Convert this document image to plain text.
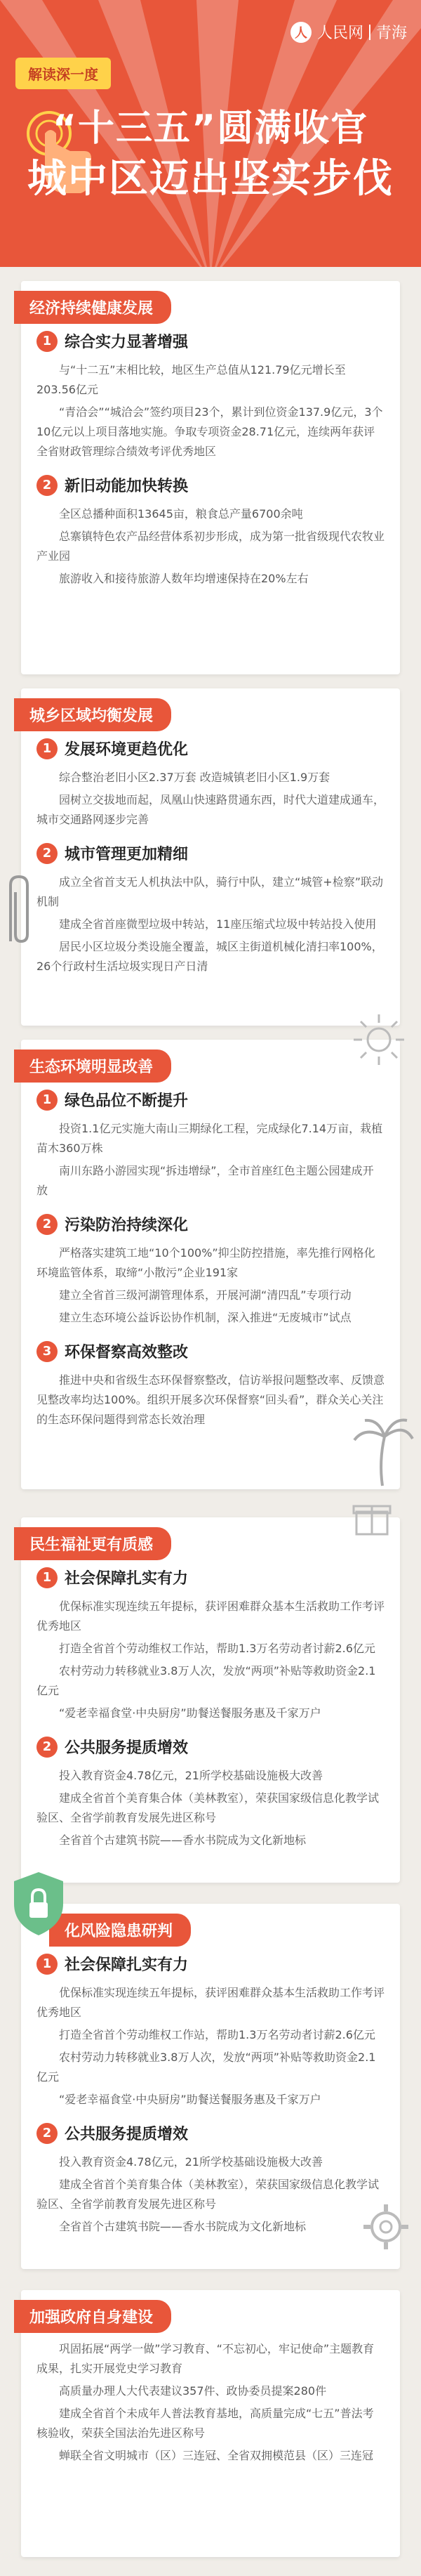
解读深一度
人 人民网 青海
“十三五”圆满收官
城中区迈出坚实步伐
经济持续健康发展
1 综合实力显著增强

与“十二五”末相比较，地区生产总值从121.79亿元增长至203.56亿元

“青洽会”“城洽会”签约项目23个，累计到位资金137.9亿元，3个10亿元以上项目落地实施。争取专项资金28.71亿元，连续两年获评全省财政管理综合绩效考评优秀地区

2 新旧动能加快转换

全区总播种面积13645亩，粮食总产量6700余吨

总寨镇特色农产品经营体系初步形成，成为第一批省级现代农牧业产业园

旅游收入和接待旅游人数年均增速保持在20%左右

城乡区域均衡发展
1 发展环境更趋优化

综合整治老旧小区2.37万套 改造城镇老旧小区1.9万套

园树立交拔地而起，凤凰山快速路贯通东西，时代大道建成通车，城市交通路网逐步完善

2 城市管理更加精细

成立全省首支无人机执法中队，骑行中队，建立“城管+检察”联动机制

建成全省首座微型垃圾中转站，11座压缩式垃圾中转站投入使用

居民小区垃圾分类设施全覆盖，城区主街道机械化清扫率100%，26个行政村生活垃圾实现日产日清

生态环境明显改善
1 绿色品位不断提升

投资1.1亿元实施大南山三期绿化工程，完成绿化7.14万亩，栽植苗木360万株

南川东路小游园实现“拆违增绿”，全市首座红色主题公园建成开放

2 污染防治持续深化

严格落实建筑工地“10个100%”抑尘防控措施，率先推行网格化环境监管体系，取缔“小散污”企业191家

建立全省首三级河湖管理体系，开展河湖“清四乱”专项行动

建立生态环境公益诉讼协作机制，深入推进“无废城市”试点

3 环保督察高效整改

推进中央和省级生态环保督察整改，信访举报问题整改率、反馈意见整改率均达100%。组织开展多次环保督察“回头看”，群众关心关注的生态环保问题得到常态长效治理

民生福祉更有质感
1 社会保障扎实有力

优保标准实现连续五年提标，获评困难群众基本生活救助工作考评优秀地区

打造全省首个劳动维权工作站，帮助1.3万名劳动者讨薪2.6亿元

农村劳动力转移就业3.8万人次，发放“两项”补贴等救助资金2.1亿元

“爱老幸福食堂·中央厨房”助餐送餐服务惠及千家万户

2 公共服务提质增效

投入教育资金4.78亿元，21所学校基础设施极大改善

建成全省首个美育集合体（美林教室），荣获国家级信息化教学试验区、全省学前教育发展先进区称号

全省首个古建筑书院——香水书院成为文化新地标

化风险隐患研判
1 社会保障扎实有力

优保标准实现连续五年提标，获评困难群众基本生活救助工作考评优秀地区

打造全省首个劳动维权工作站，帮助1.3万名劳动者讨薪2.6亿元

农村劳动力转移就业3.8万人次，发放“两项”补贴等救助资金2.1亿元

“爱老幸福食堂·中央厨房”助餐送餐服务惠及千家万户

2 公共服务提质增效

投入教育资金4.78亿元，21所学校基础设施极大改善

建成全省首个美育集合体（美林教室），荣获国家级信息化教学试验区、全省学前教育发展先进区称号

全省首个古建筑书院——香水书院成为文化新地标

加强政府自身建设

巩固拓展“两学一做”学习教育、“不忘初心，牢记使命”主题教育成果，扎实开展党史学习教育

高质量办理人大代表建议357件、政协委员提案280件

建成全省首个未成年人普法教育基地，高质量完成“七五”普法考核验收，荣获全国法治先进区称号

蝉联全省文明城市（区）三连冠、全省双拥模范县（区）三连冠
